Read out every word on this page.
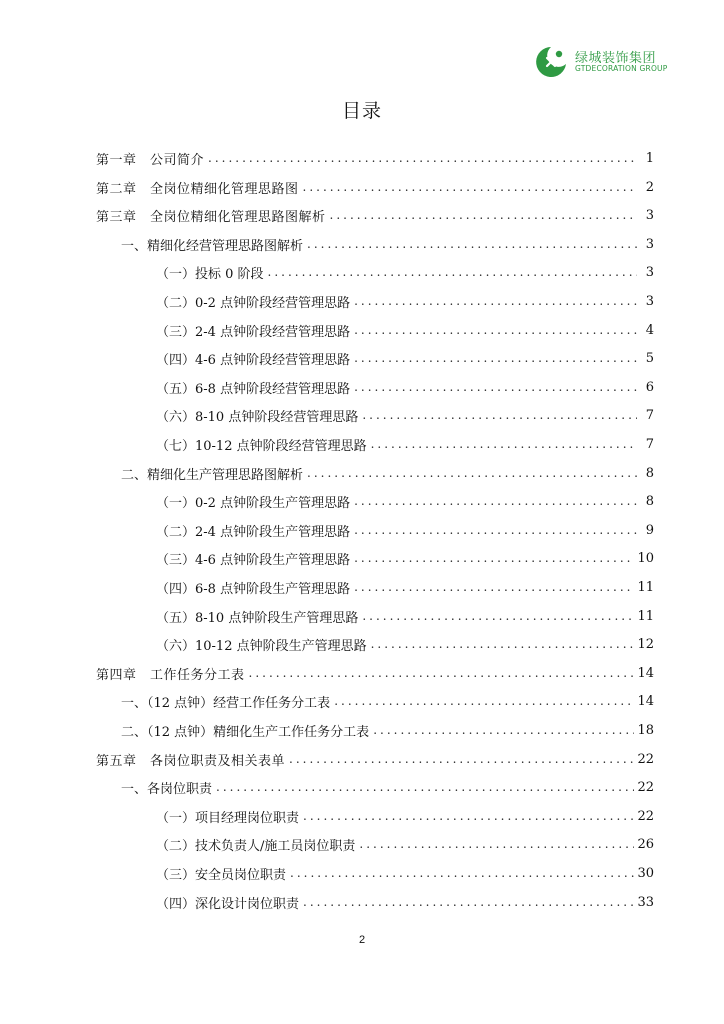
绿城装饰集团
GTDECORATION GROUP
目录
第一章　公司简介 .....	1
第二章　全岗位精细化管理思路图 .....	2
第三章　全岗位精细化管理思路图解析 .....	3
一、精细化经营管理思路图解析 .....	3
（一）投标 0 阶段 .....	3
（二）0-2 点钟阶段经营管理思路 .....	3
（三）2-4 点钟阶段经营管理思路 .....	4
（四）4-6 点钟阶段经营管理思路 .....	5
（五）6-8 点钟阶段经营管理思路 .....	6
（六）8-10 点钟阶段经营管理思路 .....	7
（七）10-12 点钟阶段经营管理思路 .....	7
二、精细化生产管理思路图解析 .....	8
（一）0-2 点钟阶段生产管理思路 .....	8
（二）2-4 点钟阶段生产管理思路 .....	9
（三）4-6 点钟阶段生产管理思路 .....	10
（四）6-8 点钟阶段生产管理思路 .....	11
（五）8-10 点钟阶段生产管理思路 .....	11
（六）10-12 点钟阶段生产管理思路 .....	12
第四章　工作任务分工表 .....	14
一、（12 点钟）经营工作任务分工表 .....	14
二、（12 点钟）精细化生产工作任务分工表 .....	18
第五章　各岗位职责及相关表单 .....	22
一、各岗位职责 .....	22
（一）项目经理岗位职责 .....	22
（二）技术负责人/施工员岗位职责 .....	26
（三）安全员岗位职责 .....	30
（四）深化设计岗位职责 .....	33
2
